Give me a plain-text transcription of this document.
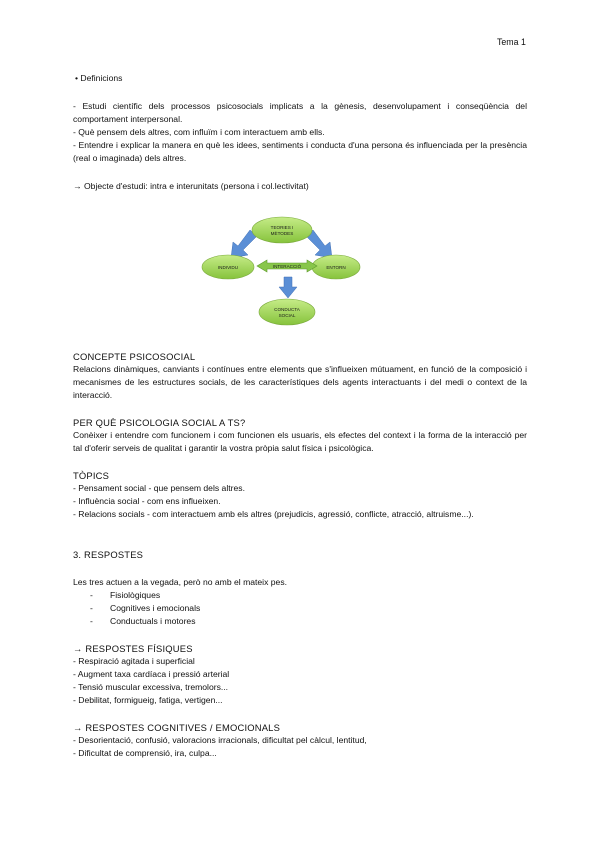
Tema 1
• Definicions
- Estudi científic dels processos psicosocials implicats a la gènesis, desenvolupament i conseqüència del comportament interpersonal.
- Què pensem dels altres, com influïm i com interactuem amb ells.
- Entendre i explicar la manera en què les idees, sentiments i conducta d'una persona és influenciada per la presència (real o imaginada) dels altres.
→ Objecte d'estudi: intra e interunitats (persona i col.lectivitat)
TEORIES I
MÈTODES
INDIVIDU	ENTORN
INTERACCIÓ
CONDUCTA
SOCIAL
CONCEPTE PSICOSOCIAL
Relacions dinàmiques, canviants i contínues entre elements que s'influeixen mútuament, en funció de la composició i mecanismes de les estructures socials, de les característiques dels agents interactuants i del medi o context de la interacció.
PER QUÈ PSICOLOGIA SOCIAL A TS?
Conèixer i entendre com funcionem i com funcionen els usuaris, els efectes del context i la forma de la interacció per tal d'oferir serveis de qualitat i garantir la vostra pròpia salut física i psicològica.
TÒPICS
- Pensament social - que pensem dels altres.
- Influència social - com ens influeixen.
- Relacions socials - com interactuem amb els altres (prejudicis, agressió, conflicte, atracció, altruisme...).
3. RESPOSTES
Les tres actuen a la vegada, però no amb el mateix pes.
- Fisiològiques
- Cognitives i emocionals
- Conductuals i motores
→ RESPOSTES FÍSIQUES
- Respiració agitada i superficial
- Augment taxa cardíaca i pressió arterial
- Tensió muscular excessiva, tremolors...
- Debilitat, formigueig, fatiga, vertigen...
→ RESPOSTES COGNITIVES / EMOCIONALS
- Desorientació, confusió, valoracions irracionals, dificultat pel càlcul, lentitud,
- Dificultat de comprensió, ira, culpa...
